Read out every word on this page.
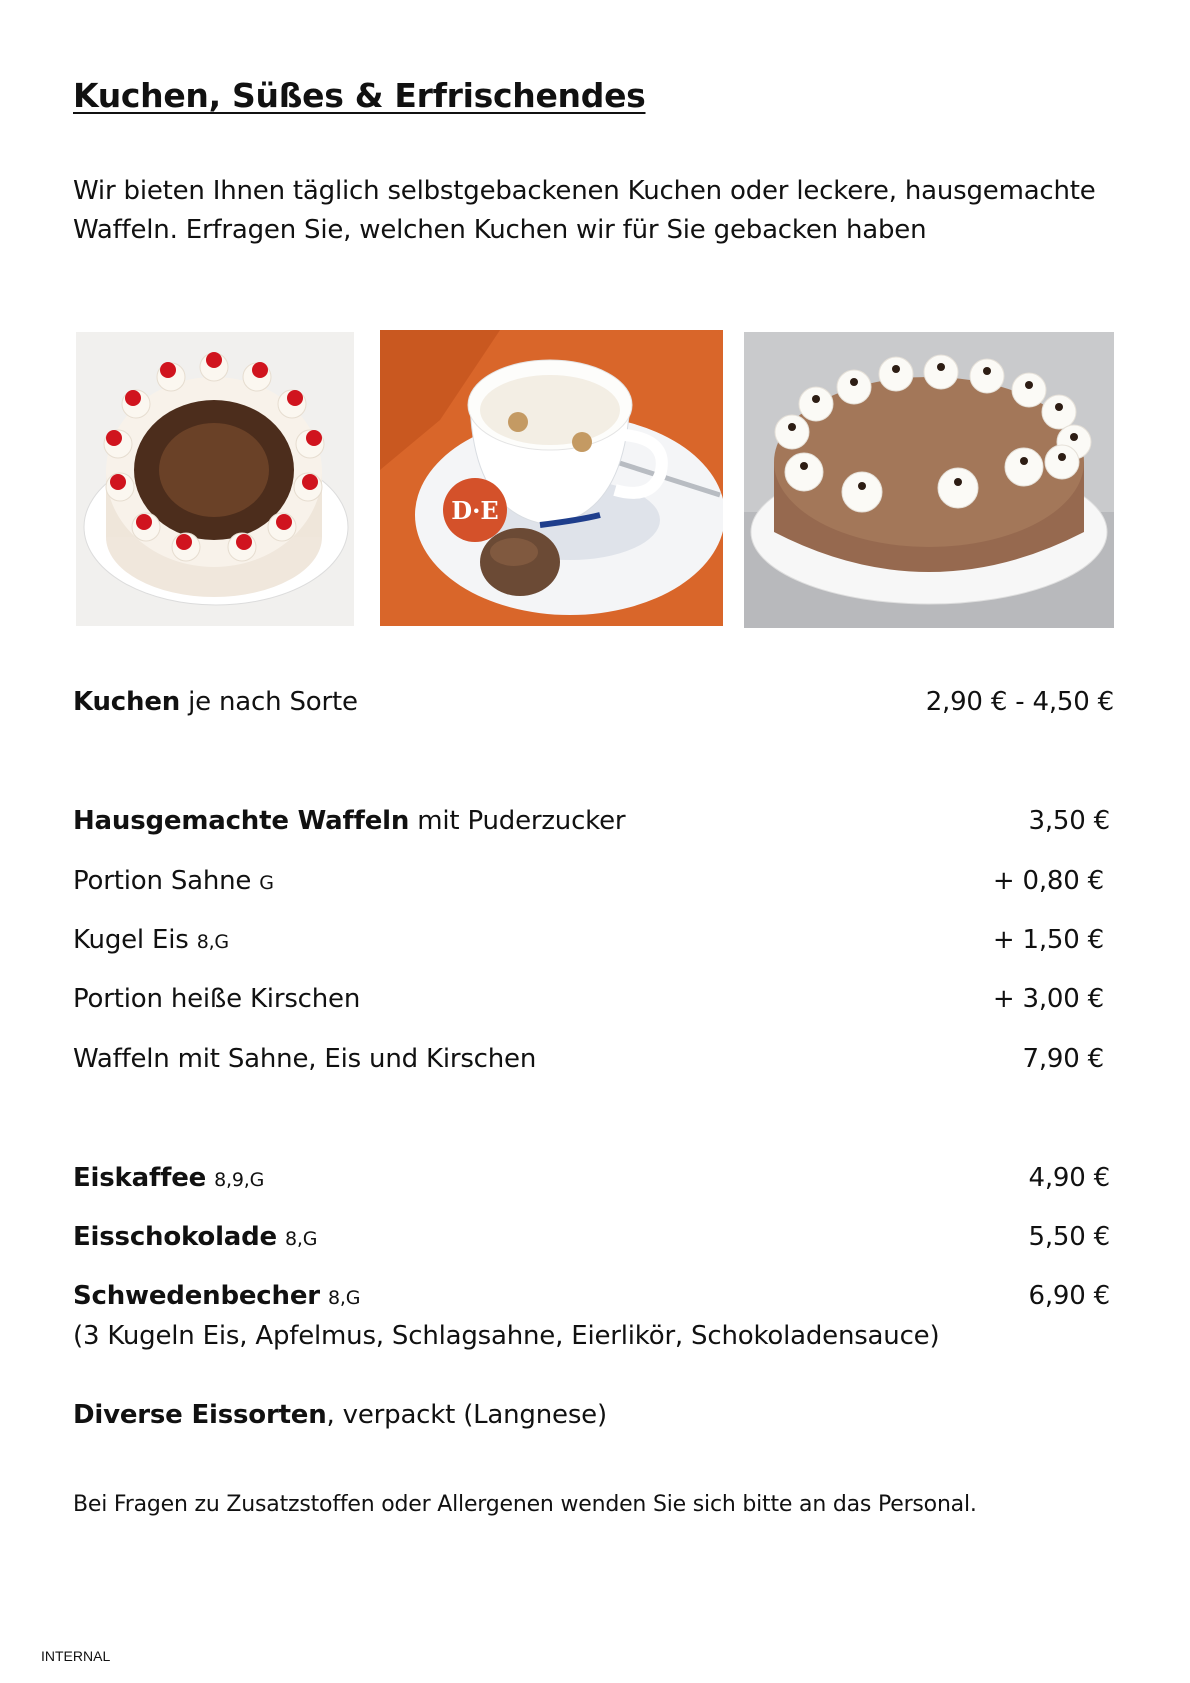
Kuchen, Süßes & Erfrischendes
Wir bieten Ihnen täglich selbstgebackenen Kuchen oder leckere, hausgemachte Waffeln. Erfragen Sie, welchen Kuchen wir für Sie gebacken haben
D·E
Kuchen je nach Sorte	2,90 € - 4,50 €
Hausgemachte Waffeln mit Puderzucker	3,50 €
Portion Sahne G	+ 0,80 €
Kugel Eis 8,G	+ 1,50 €
Portion heiße Kirschen	+ 3,00 €
Waffeln mit Sahne, Eis und Kirschen	7,90 €
Eiskaffee 8,9,G	4,90 €
Eisschokolade 8,G	5,50 €
Schwedenbecher 8,G	6,90 €
(3 Kugeln Eis, Apfelmus, Schlagsahne, Eierlikör, Schokoladensauce)
Diverse Eissorten, verpackt (Langnese)
Bei Fragen zu Zusatzstoffen oder Allergenen wenden Sie sich bitte an das Personal.
INTERNAL
